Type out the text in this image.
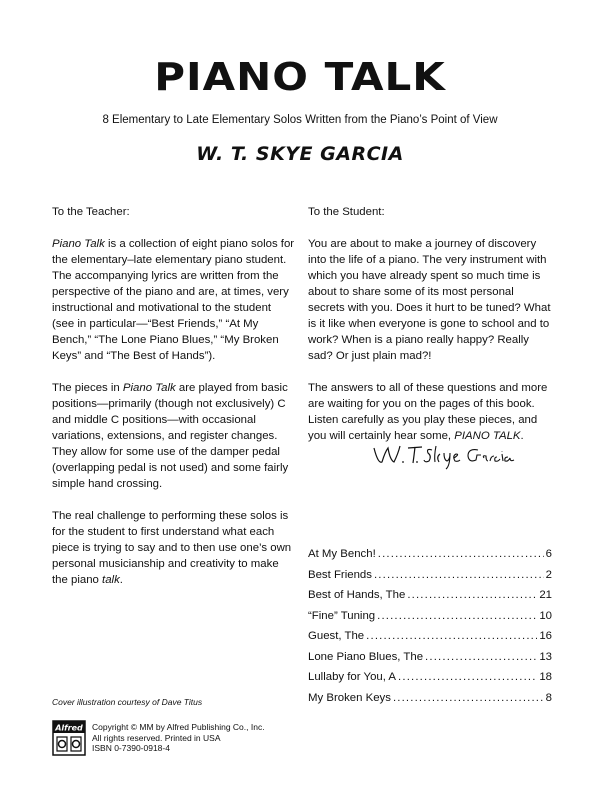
PIANO TALK
8 Elementary to Late Elementary Solos Written from the Piano’s Point of View
W. T. SKYE GARCIA
To the Teacher:

Piano Talk is a collection of eight piano solos for the elementary–late elementary piano student. The accompanying lyrics are written from the perspective of the piano and are, at times, very instructional and motivational to the student (see in particular—“Best Friends,” “At My Bench,” “The Lone Piano Blues,” “My Broken Keys” and “The Best of Hands”).

The pieces in Piano Talk are played from basic positions—primarily (though not exclusively) C and middle C positions—with occasional variations, extensions, and register changes. They allow for some use of the damper pedal (overlapping pedal is not used) and some fairly simple hand crossing.

The real challenge to performing these solos is for the student to first understand what each piece is trying to say and to then use one’s own personal musicianship and creativity to make the piano talk.

To the Student:

You are about to make a journey of discovery into the life of a piano. The very instrument with which you have already spent so much time is about to share some of its most personal secrets with you. Does it hurt to be tuned? What is it like when everyone is gone to school and to work? When is a piano really happy? Really sad? Or just plain mad?!

The answers to all of these questions and more are waiting for you on the pages of this book. Listen carefully as you play these pieces, and you will certainly hear some, PIANO TALK.

At My Bench! . . .	6
Best Friends . . .	2
Best of Hands, The . . .	21
“Fine” Tuning . . .	10
Guest, The . . .	16
Lone Piano Blues, The . . .	13
Lullaby for You, A . . .	18
My Broken Keys . . .	8
Cover illustration courtesy of Dave Titus
Alfred Copyright © MM by Alfred Publishing Co., Inc.
All rights reserved. Printed in USA
ISBN 0-7390-0918-4
